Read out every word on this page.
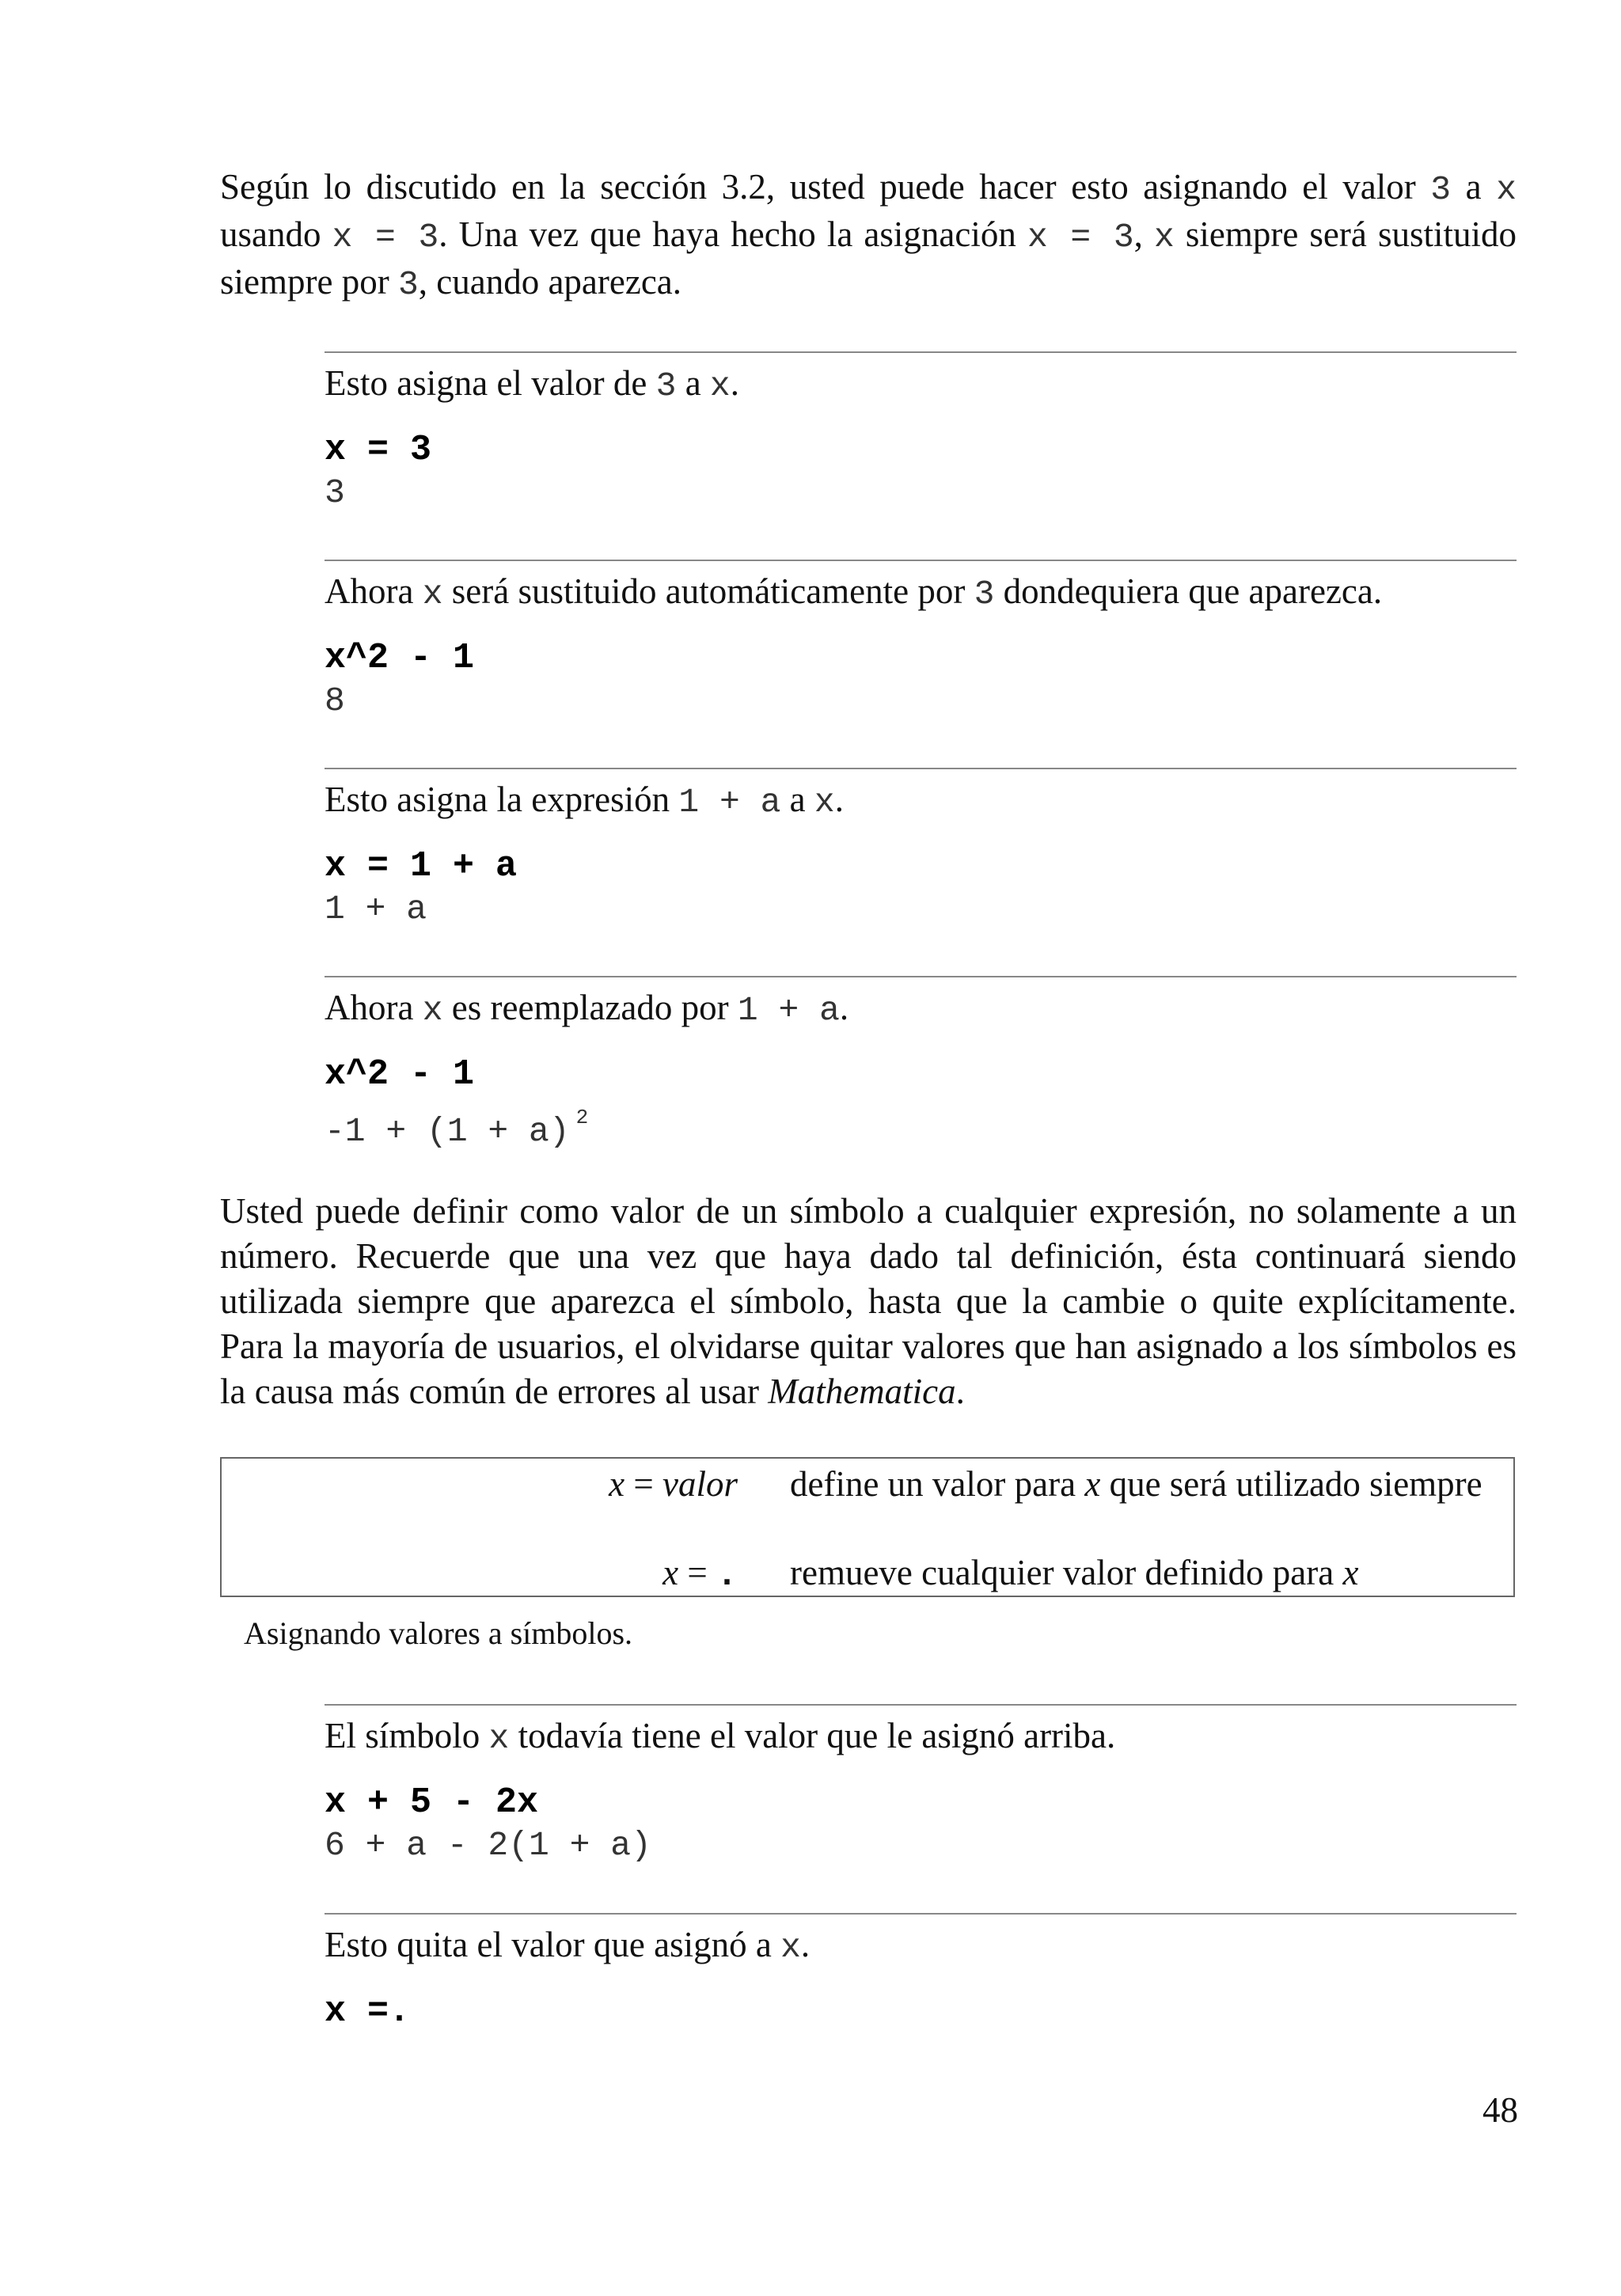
Según lo discutido en la sección 3.2, usted puede hacer esto asignando el valor 3 a x usando x = 3. Una vez que haya hecho la asignación x = 3, x siempre será sustituido siempre por 3, cuando aparezca.

Esto asigna el valor de 3 a x.
x = 3
3
Ahora x será sustituido automáticamente por 3 dondequiera que aparezca.
x^2 - 1
8
Esto asigna la expresión 1 + a a x.
x = 1 + a
1 + a
Ahora x es reemplazado por 1 + a.
x^2 - 1
-1 + (1 + a) $^2$

Usted puede definir como valor de un símbolo a cualquier expresión, no solamente a un número. Recuerde que una vez que haya dado tal definición, ésta continuará siendo utilizada siempre que aparezca el símbolo, hasta que la cambie o quite explícitamente. Para la mayoría de usuarios, el olvidarse quitar valores que han asignado a los símbolos es la causa más común de errores al usar Mathematica.

x = valor define un valor para x que será utilizado siempre
x = . remueve cualquier valor definido para x
Asignando valores a símbolos.
El símbolo x todavía tiene el valor que le asignó arriba.
x + 5 - 2x
6 + a - 2(1 + a)
Esto quita el valor que asignó a x.
x =.
48
